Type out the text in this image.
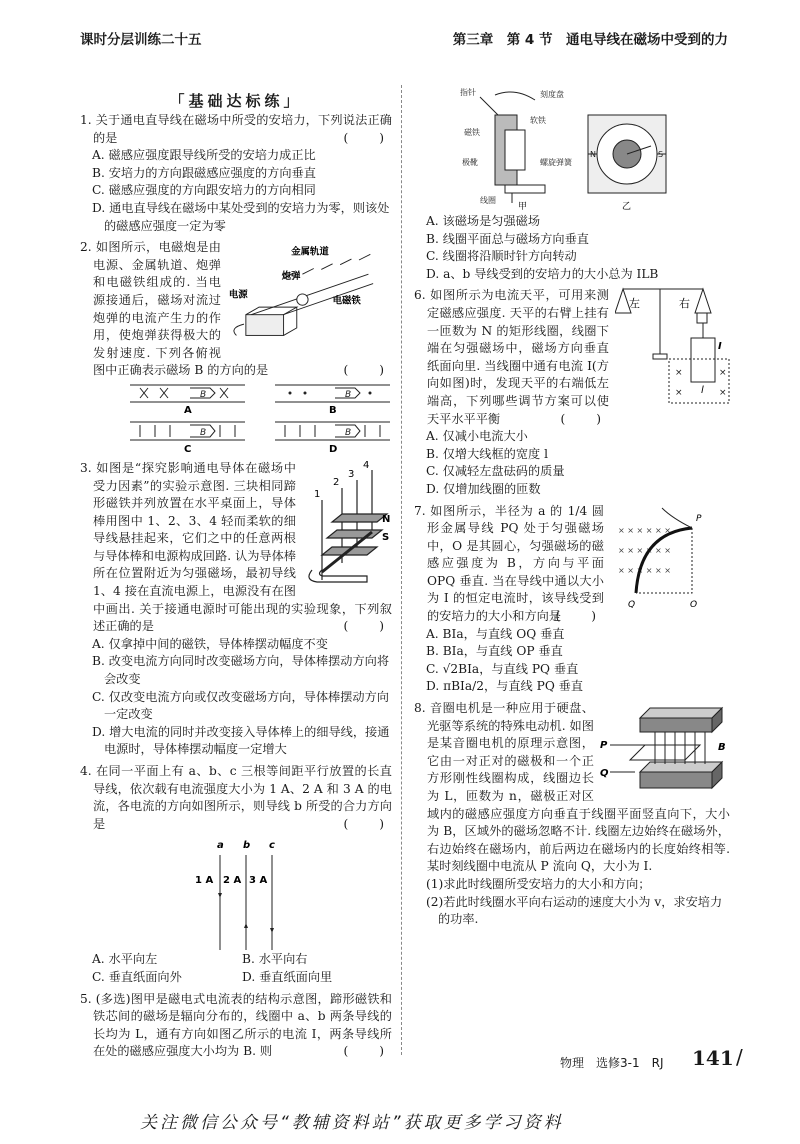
课时分层训练二十五	第三章　第 4 节　通电导线在磁场中受到的力
「基础达标练」
1. 关于通电直导线在磁场中所受的安培力，下列说法正确的是
( )
A. 磁感应强度跟导线所受的安培力成正比
B. 安培力的方向跟磁感应强度的方向垂直
C. 磁感应强度的方向跟安培力的方向相同
D. 通电直导线在磁场中某处受到的安培力为零，则该处的磁感应强度一定为零
金属轨道
炮弹
电源
电磁铁
2. 如图所示，电磁炮是由电源、金属轨道、炮弹和电磁铁组成的. 当电源接通后，磁场对流过炮弹的电流产生力的作用，使炮弹获得极大的发射速度. 下列各俯视图中正确表示磁场 B 的方向的是
( )
B	B
B	B
A	B
C	D
1
2
3
4
N
S
3. 如图是“探究影响通电导体在磁场中受力因素”的实验示意图. 三块相同蹄形磁铁并列放置在水平桌面上，导体棒用图中 1、2、3、4 轻而柔软的细导线悬挂起来，它们之中的任意两根与导体棒和电源构成回路. 认为导体棒所在位置附近为匀强磁场，最初导线 1、4 接在直流电源上，电源没有在图中画出. 关于接通电源时可能出现的实验现象，下列叙述正确的是
( )
A. 仅拿掉中间的磁铁，导体棒摆动幅度不变
B. 改变电流方向同时改变磁场方向，导体棒摆动方向将会改变
C. 仅改变电流方向或仅改变磁场方向，导体棒摆动方向一定改变
D. 增大电流的同时并改变接入导体棒上的细导线，接通电源时，导体棒摆动幅度一定增大
4. 在同一平面上有 a、b、c 三根等间距平行放置的长直导线，依次载有电流强度大小为 1 A、2 A 和 3 A 的电流，各电流的方向如图所示，则导线 b 所受的合力方向是
( )
a b c
1 A 2 A 3 A
A. 水平向左	B. 水平向右
C. 垂直纸面向外	D. 垂直纸面向里
5. (多选)图甲是磁电式电流表的结构示意图，蹄形磁铁和铁芯间的磁场是辐向分布的，线圈中 a、b 两条导线的长均为 L，通有方向如图乙所示的电流 I，两条导线所在处的磁感应强度大小均为 B. 则
( )
指针	刻度盘
磁铁
软铁
极靴
线圈
螺旋弹簧
N	S
甲	乙
A. 该磁场是匀强磁场
B. 线圈平面总与磁场方向垂直
C. 线圈将沿顺时针方向转动
D. a、b 导线受到的安培力的大小总为 ILB
×	×
×	×
左	右
I
l
6. 如图所示为电流天平，可用来测定磁感应强度. 天平的右臂上挂有一匝数为 N 的矩形线圈，线圈下端在匀强磁场中，磁场方向垂直纸面向里. 当线圈中通有电流 I(方向如图)时，发现天平的右端低左端高，下列哪些调节方案可以使天平水平平衡
( )
A. 仅减小电流大小
B. 仅增大线框的宽度 l
C. 仅减轻左盘砝码的质量
D. 仅增加线圈的匝数
× × × × × ×
× × × × × ×
× × × × × ×
P
Q	O
7. 如图所示，半径为 a 的 1/4 圆形金属导线 PQ 处于匀强磁场中，O 是其圆心，匀强磁场的磁感应强度为 B，方向与平面 OPQ 垂直. 当在导线中通以大小为 I 的恒定电流时，该导线受到的安培力的大小和方向是
( )
A. BIa，与直线 OQ 垂直
B. BIa，与直线 OP 垂直
C. √2BIa，与直线 PQ 垂直
D. πBIa/2，与直线 PQ 垂直
P
Q
B
8. 音圈电机是一种应用于硬盘、光驱等系统的特殊电动机. 如图是某音圈电机的原理示意图，它由一对正对的磁极和一个正方形刚性线圈构成，线圈边长为 L，匝数为 n，磁极正对区域内的磁感应强度方向垂直于线圈平面竖直向下，大小为 B，区域外的磁场忽略不计. 线圈左边始终在磁场外，右边始终在磁场内，前后两边在磁场内的长度始终相等. 某时刻线圈中电流从 P 流向 Q，大小为 I.
(1)求此时线圈所受安培力的大小和方向；
(2)若此时线圈水平向右运动的速度大小为 v，求安培力的功率.
物理　选修3-1　RJ 141 /
关注微信公众号“教辅资料站”获取更多学习资料
